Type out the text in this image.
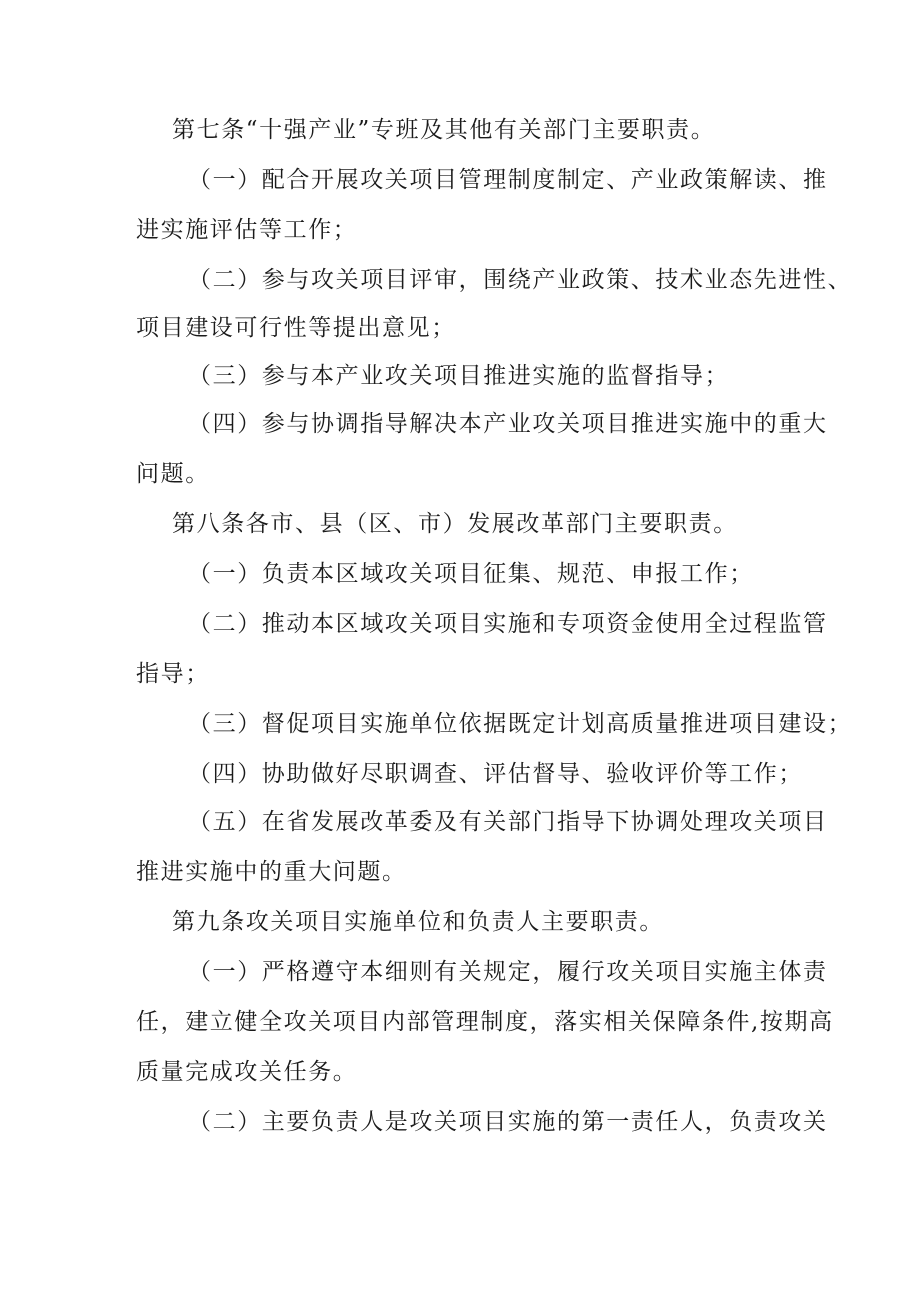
第七条“十强产业”专班及其他有关部门主要职责。
（一）配合开展攻关项目管理制度制定、产业政策解读、推
进实施评估等工作；
（二）参与攻关项目评审，围绕产业政策、技术业态先进性、
项目建设可行性等提出意见；
（三）参与本产业攻关项目推进实施的监督指导；
（四）参与协调指导解决本产业攻关项目推进实施中的重大
问题。
第八条各市、县（区、市）发展改革部门主要职责。
（一）负责本区域攻关项目征集、规范、申报工作；
（二）推动本区域攻关项目实施和专项资金使用全过程监管
指导；
（三）督促项目实施单位依据既定计划高质量推进项目建设；
（四）协助做好尽职调查、评估督导、验收评价等工作；
（五）在省发展改革委及有关部门指导下协调处理攻关项目
推进实施中的重大问题。
第九条攻关项目实施单位和负责人主要职责。
（一）严格遵守本细则有关规定，履行攻关项目实施主体责
任，建立健全攻关项目内部管理制度，落实相关保障条件,按期高
质量完成攻关任务。
（二）主要负责人是攻关项目实施的第一责任人，负责攻关
